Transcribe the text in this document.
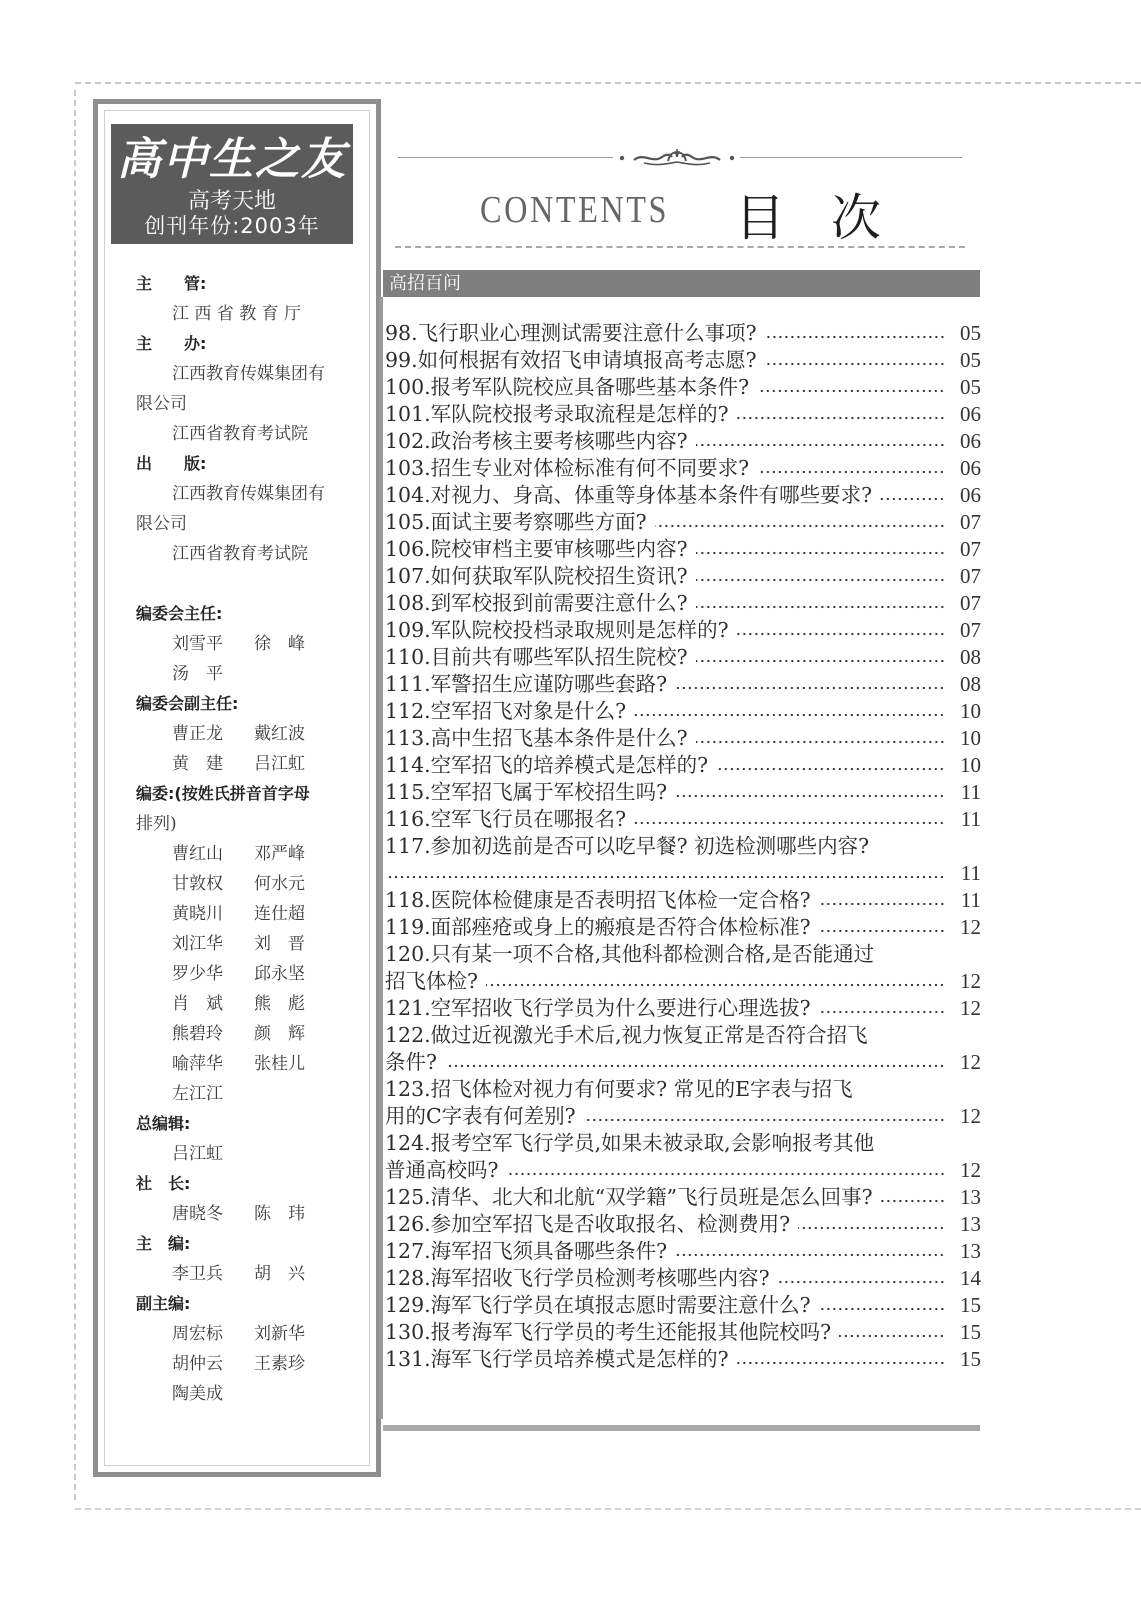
高中生之友
高考天地
创刊年份:2003年
主　　管:
江 西 省 教 育 厅
主　　办:
江西教育传媒集团有
限公司
江西省教育考试院
出　　版:
江西教育传媒集团有
限公司
江西省教育考试院
编委会主任:
刘雪平	徐　峰
汤　平
编委会副主任:
曹正龙	戴红波
黄　建	吕江虹
编委:(按姓氏拼音首字母
排列)
曹红山	邓严峰
甘敦权	何水元
黄晓川	连仕超
刘江华	刘　晋
罗少华	邱永坚
肖　斌	熊　彪
熊碧玲	颜　辉
喻萍华	张桂儿
左江江
总编辑:
吕江虹
社　长:
唐晓冬	陈　玮
主　编:
李卫兵	胡　兴
副主编:
周宏标	刘新华
胡仲云	王素珍
陶美成
CONTENTS 目次
高招百问
98.飞行职业心理测试需要注意什么事项?	05
99.如何根据有效招飞申请填报高考志愿?	05
100.报考军队院校应具备哪些基本条件?	05
101.军队院校报考录取流程是怎样的?	06
102.政治考核主要考核哪些内容?	06
103.招生专业对体检标准有何不同要求?	06
104.对视力、身高、体重等身体基本条件有哪些要求?	06
105.面试主要考察哪些方面?	07
106.院校审档主要审核哪些内容?	07
107.如何获取军队院校招生资讯?	07
108.到军校报到前需要注意什么?	07
109.军队院校投档录取规则是怎样的?	07
110.目前共有哪些军队招生院校?	08
111.军警招生应谨防哪些套路?	08
112.空军招飞对象是什么?	10
113.高中生招飞基本条件是什么?	10
114.空军招飞的培养模式是怎样的?	10
115.空军招飞属于军校招生吗?	11
116.空军飞行员在哪报名?	11
117.参加初选前是否可以吃早餐? 初选检测哪些内容?
11
118.医院体检健康是否表明招飞体检一定合格?	11
119.面部痤疮或身上的瘢痕是否符合体检标准?	12
120.只有某一项不合格,其他科都检测合格,是否能通过
招飞体检?	12
121.空军招收飞行学员为什么要进行心理选拔?	12
122.做过近视激光手术后,视力恢复正常是否符合招飞
条件?	12
123.招飞体检对视力有何要求? 常见的E字表与招飞
用的C字表有何差别?	12
124.报考空军飞行学员,如果未被录取,会影响报考其他
普通高校吗?	12
125.清华、北大和北航“双学籍”飞行员班是怎么回事?	13
126.参加空军招飞是否收取报名、检测费用?	13
127.海军招飞须具备哪些条件?	13
128.海军招收飞行学员检测考核哪些内容?	14
129.海军飞行学员在填报志愿时需要注意什么?	15
130.报考海军飞行学员的考生还能报其他院校吗?	15
131.海军飞行学员培养模式是怎样的?	15
